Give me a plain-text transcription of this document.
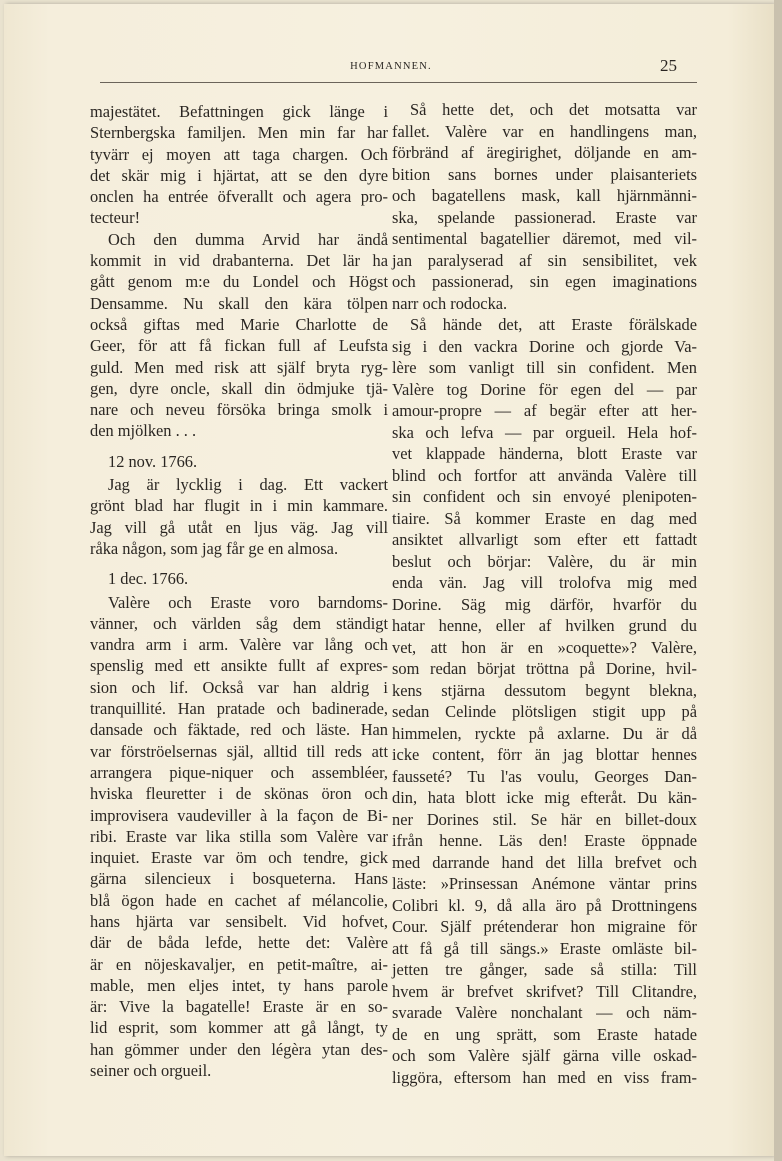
HOFMANNEN.	25
majestätet. Befattningen gick länge i
Sternbergska familjen. Men min far har
tyvärr ej moyen att taga chargen. Och
det skär mig i hjärtat, att se den dyre
onclen ha entrée öfverallt och agera pro-
tecteur!
Och den dumma Arvid har ändå
kommit in vid drabanterna. Det lär ha
gått genom m:e du Londel och Högst
Densamme. Nu skall den kära tölpen
också giftas med Marie Charlotte de
Geer, för att få fickan full af Leufsta
guld. Men med risk att själf bryta ryg-
gen, dyre oncle, skall din ödmjuke tjä-
nare och neveu försöka bringa smolk i
den mjölken . . .
12 nov. 1766.
Jag är lycklig i dag. Ett vackert
grönt blad har flugit in i min kammare.
Jag vill gå utåt en ljus väg. Jag vill
råka någon, som jag får ge en almosa.
1 dec. 1766.
Valère och Eraste voro barndoms-
vänner, och världen såg dem ständigt
vandra arm i arm. Valère var lång och
spenslig med ett ansikte fullt af expres-
sion och lif. Också var han aldrig i
tranquillité. Han pratade och badinerade,
dansade och fäktade, red och läste. Han
var förströelsernas själ, alltid till reds att
arrangera pique-niquer och assembléer,
hviska fleuretter i de skönas öron och
improvisera vaudeviller à la façon de Bi-
ribi. Eraste var lika stilla som Valère var
inquiet. Eraste var öm och tendre, gick
gärna silencieux i bosqueterna. Hans
blå ögon hade en cachet af mélancolie,
hans hjärta var sensibelt. Vid hofvet,
där de båda lefde, hette det: Valère
är en nöjeskavaljer, en petit-maître, ai-
mable, men eljes intet, ty hans parole
är: Vive la bagatelle! Eraste är en so-
lid esprit, som kommer att gå långt, ty
han gömmer under den légèra ytan des-
seiner och orgueil.
Så hette det, och det motsatta var
fallet. Valère var en handlingens man,
förbränd af äregirighet, döljande en am-
bition sans bornes under plaisanteriets
och bagatellens mask, kall hjärnmänni-
ska, spelande passionerad. Eraste var
sentimental bagatellier däremot, med vil-
jan paralyserad af sin sensibilitet, vek
och passionerad, sin egen imaginations
narr och rodocka.
Så hände det, att Eraste förälskade
sig i den vackra Dorine och gjorde Va-
lère som vanligt till sin confident. Men
Valère tog Dorine för egen del — par
amour-propre — af begär efter att her-
ska och lefva — par orgueil. Hela hof-
vet klappade händerna, blott Eraste var
blind och fortfor att använda Valère till
sin confident och sin envoyé plenipoten-
tiaire. Så kommer Eraste en dag med
ansiktet allvarligt som efter ett fattadt
beslut och börjar: Valère, du är min
enda vän. Jag vill trolofva mig med
Dorine. Säg mig därför, hvarför du
hatar henne, eller af hvilken grund du
vet, att hon är en »coquette»? Valère,
som redan börjat tröttna på Dorine, hvil-
kens stjärna dessutom begynt blekna,
sedan Celinde plötsligen stigit upp på
himmelen, ryckte på axlarne. Du är då
icke content, förr än jag blottar hennes
fausseté? Tu l'as voulu, Georges Dan-
din, hata blott icke mig efteråt. Du kän-
ner Dorines stil. Se här en billet-doux
ifrån henne. Läs den! Eraste öppnade
med darrande hand det lilla brefvet och
läste: »Prinsessan Anémone väntar prins
Colibri kl. 9, då alla äro på Drottningens
Cour. Själf prétenderar hon migraine för
att få gå till sängs.» Eraste omläste bil-
jetten tre gånger, sade så stilla: Till
hvem är brefvet skrifvet? Till Clitandre,
svarade Valère nonchalant — och näm-
de en ung sprätt, som Eraste hatade
och som Valère själf gärna ville oskad-
liggöra, eftersom han med en viss fram-
